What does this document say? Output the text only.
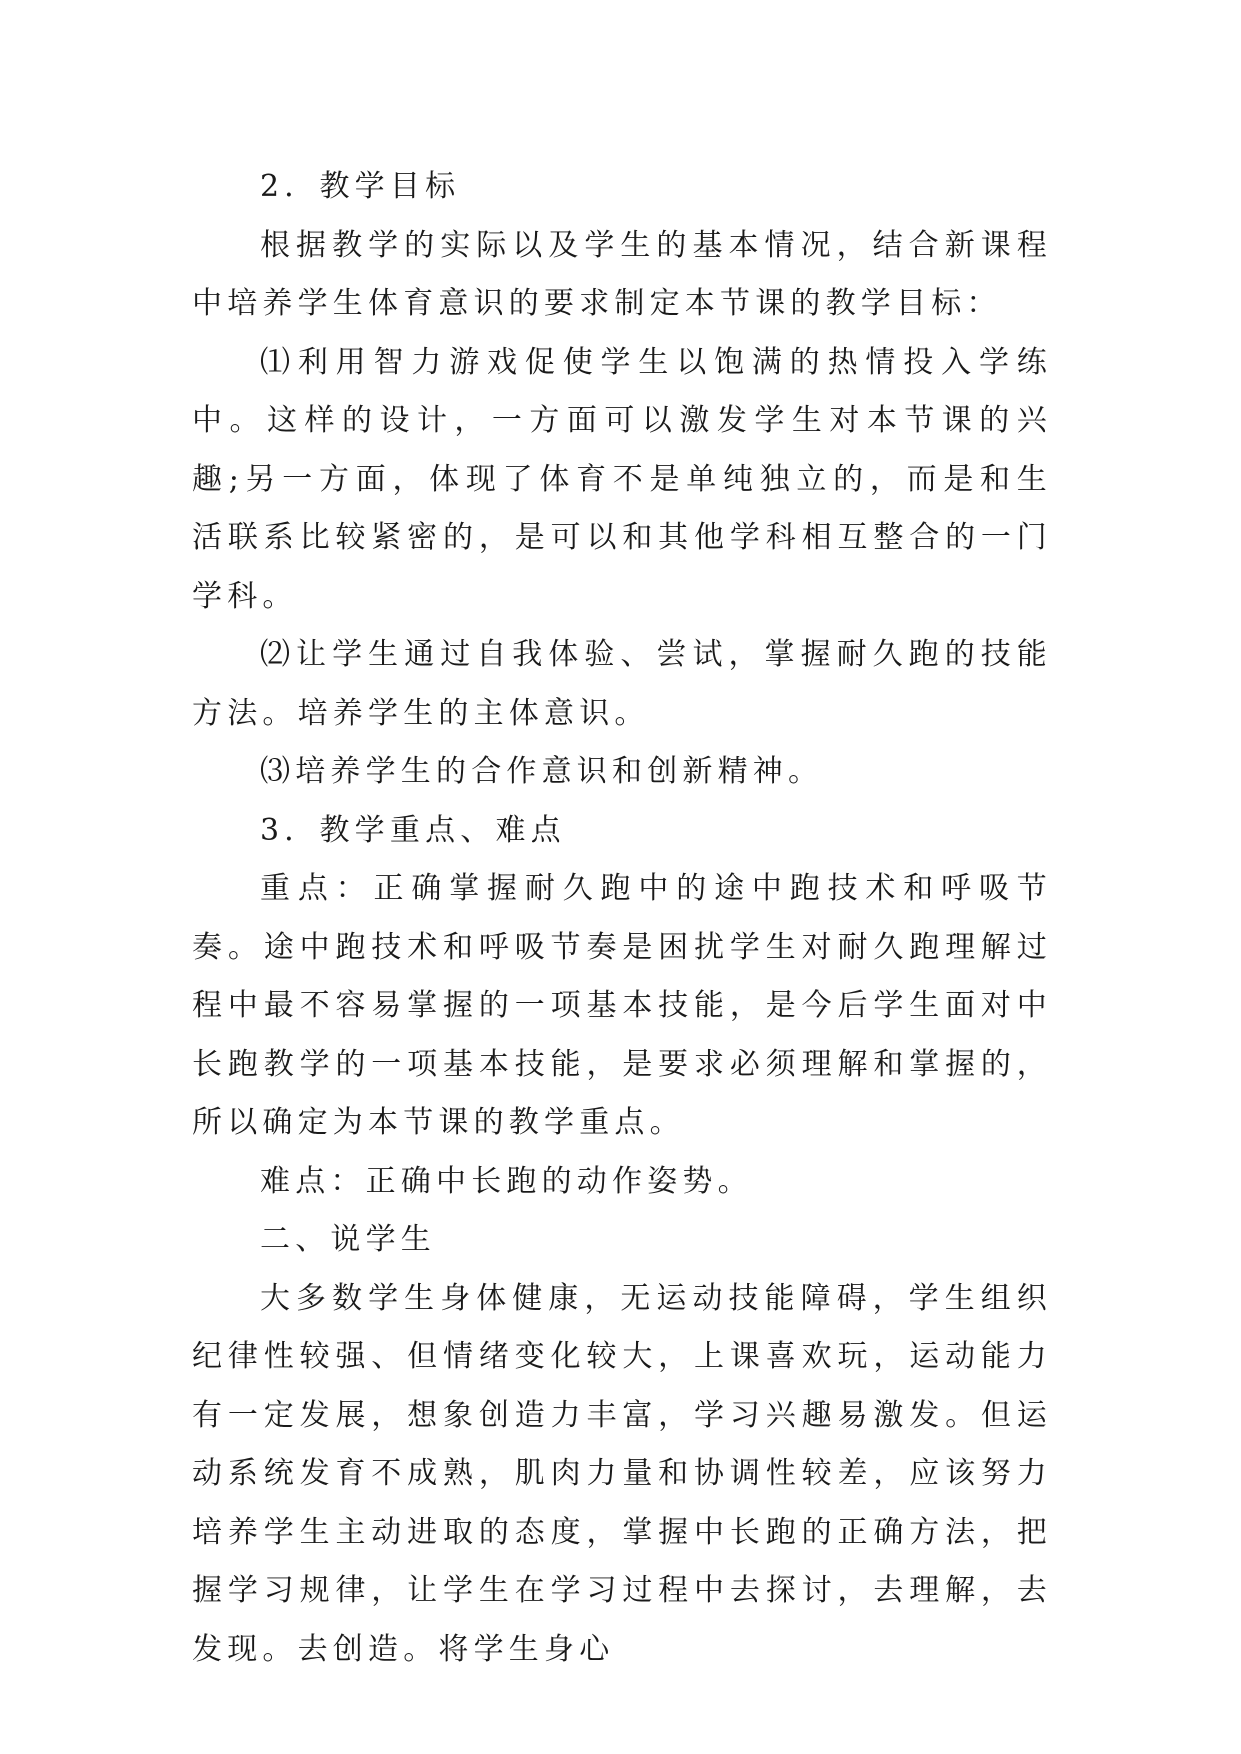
2．教学目标

根据教学的实际以及学生的基本情况，结合新课程中培养学生体育意识的要求制定本节课的教学目标：

⑴利用智力游戏促使学生以饱满的热情投入学练中。这样的设计，一方面可以激发学生对本节课的兴趣;另一方面，体现了体育不是单纯独立的，而是和生活联系比较紧密的，是可以和其他学科相互整合的一门学科。

⑵让学生通过自我体验、尝试，掌握耐久跑的技能方法。培养学生的主体意识。

⑶培养学生的合作意识和创新精神。

3．教学重点、难点

重点：正确掌握耐久跑中的途中跑技术和呼吸节奏。途中跑技术和呼吸节奏是困扰学生对耐久跑理解过程中最不容易掌握的一项基本技能，是今后学生面对中长跑教学的一项基本技能，是要求必须理解和掌握的，所以确定为本节课的教学重点。

难点：正确中长跑的动作姿势。

二、说学生

大多数学生身体健康，无运动技能障碍，学生组织纪律性较强、但情绪变化较大，上课喜欢玩，运动能力有一定发展，想象创造力丰富，学习兴趣易激发。但运动系统发育不成熟，肌肉力量和协调性较差，应该努力培养学生主动进取的态度，掌握中长跑的正确方法，把握学习规律，让学生在学习过程中去探讨，去理解，去发现。去创造。将学生身心
